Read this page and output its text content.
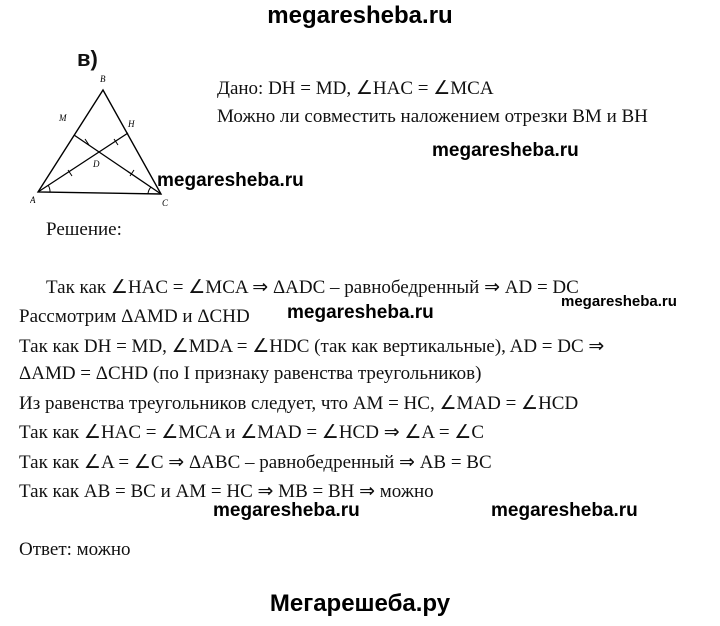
megaresheba.ru
в)
B
M
H
D
A	C
Дано: DH = MD, ∠HAC = ∠MCA
Можно ли совместить наложением отрезки BM и BH
megaresheba.ru
megaresheba.ru
Решение:
Так как ∠HAC = ∠MCA ⇒ ΔADC – равнобедренный ⇒ AD = DC
megaresheba.ru
Рассмотрим ΔAMD и ΔCHD megaresheba.ru
Так как DH = MD, ∠MDA = ∠HDC (так как вертикальные), AD = DC ⇒
ΔAMD = ΔCHD (по I признаку равенства треугольников)
Из равенства треугольников следует, что AM = HC, ∠MAD = ∠HCD
Так как ∠HAC = ∠MCA и ∠MAD = ∠HCD ⇒ ∠A = ∠C
Так как ∠A = ∠C ⇒ ΔABC – равнобедренный ⇒ AB = BC
Так как AB = BC и AM = HC ⇒ MB = BH ⇒ можно
megaresheba.ru	megaresheba.ru
Ответ: можно
Мегарешеба.ру
